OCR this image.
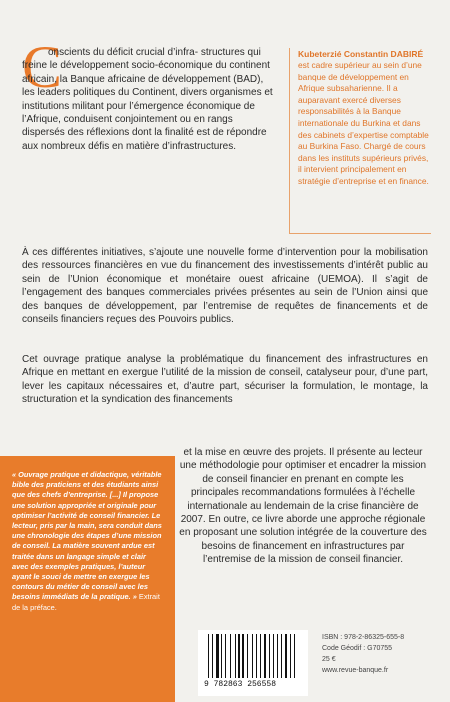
C
onscients du déficit crucial d’infra- structures qui freine le développement socio-économique du continent africain, la Banque africaine de développement (BAD), les leaders politiques du Continent, divers organismes et institutions militant pour l’émergence économique de l’Afrique, conduisent conjointement ou en rangs dispersés des réflexions dont la finalité est de répondre aux nombreux défis en matière d’infrastructures.
Kubeterzié Constantin DABIRÉ
est cadre supérieur au sein d’une banque de développement en Afrique subsaharienne. Il a auparavant exercé diverses responsabilités à la Banque internationale du Burkina et dans des cabinets d’expertise comptable au Burkina Faso. Chargé de cours dans les instituts supérieurs privés, il intervient principalement en stratégie d’entreprise et en finance.
À ces différentes initiatives, s’ajoute une nouvelle forme d’intervention pour la mobilisation des ressources financières en vue du financement des investissements d’intérêt public au sein de l’Union économique et monétaire ouest africaine (UEMOA). Il s’agit de l’engagement des banques commerciales privées présentes au sein de l’Union ainsi que des banques de développement, par l’entremise de requêtes de financements et de conseils financiers reçues des Pouvoirs publics.
Cet ouvrage pratique analyse la problématique du financement des infrastructures en Afrique en mettant en exergue l’utilité de la mission de conseil, catalyseur pour, d’une part, lever les capitaux nécessaires et, d’autre part, sécuriser la formulation, le montage, la structuration et la syndication des financements
et la mise en œuvre des projets. Il présente au lecteur une méthodologie pour optimiser et encadrer la mission de conseil financier en prenant en compte les principales recommandations formulées à l’échelle internationale au lendemain de la crise financière de 2007. En outre, ce livre aborde une approche régionale en proposant une solution intégrée de la couverture des besoins de financement en infrastructures par l’entremise de la mission de conseil financier.
« Ouvrage pratique et didactique, véritable bible des praticiens et des étudiants ainsi que des chefs d’entreprise. [...] Il propose une solution appropriée et originale pour optimiser l’activité de conseil financier. Le lecteur, pris par la main, sera conduit dans une chronologie des étapes d’une mission de conseil. La matière souvent ardue est traitée dans un langage simple et clair avec des exemples pratiques, l’auteur ayant le souci de mettre en exergue les contours du métier de conseil avec les besoins immédiats de la pratique. » Extrait de la préface.
9 782863 256558
ISBN : 978-2-86325-655-8
Code Géodif : G70755
25 €
www.revue-banque.fr
